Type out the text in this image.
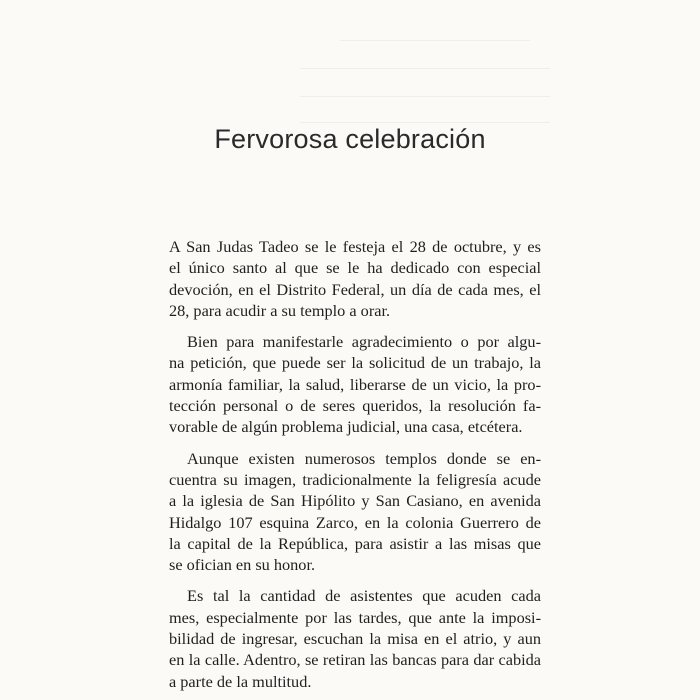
Fervorosa celebración

A San Judas Tadeo se le festeja el 28 de octubre, y es
el único santo al que se le ha dedicado con especial
devoción, en el Distrito Federal, un día de cada mes, el
28, para acudir a su templo a orar.

Bien para manifestarle agradecimiento o por algu-
na petición, que puede ser la solicitud de un trabajo, la
armonía familiar, la salud, liberarse de un vicio, la pro-
tección personal o de seres queridos, la resolución fa-
vorable de algún problema judicial, una casa, etcétera.

Aunque existen numerosos templos donde se en-
cuentra su imagen, tradicionalmente la feligresía acude
a la iglesia de San Hipólito y San Casiano, en avenida
Hidalgo 107 esquina Zarco, en la colonia Guerrero de
la capital de la República, para asistir a las misas que
se ofician en su honor.

Es tal la cantidad de asistentes que acuden cada
mes, especialmente por las tardes, que ante la imposi-
bilidad de ingresar, escuchan la misa en el atrio, y aun
en la calle. Adentro, se retiran las bancas para dar cabida
a parte de la multitud.
